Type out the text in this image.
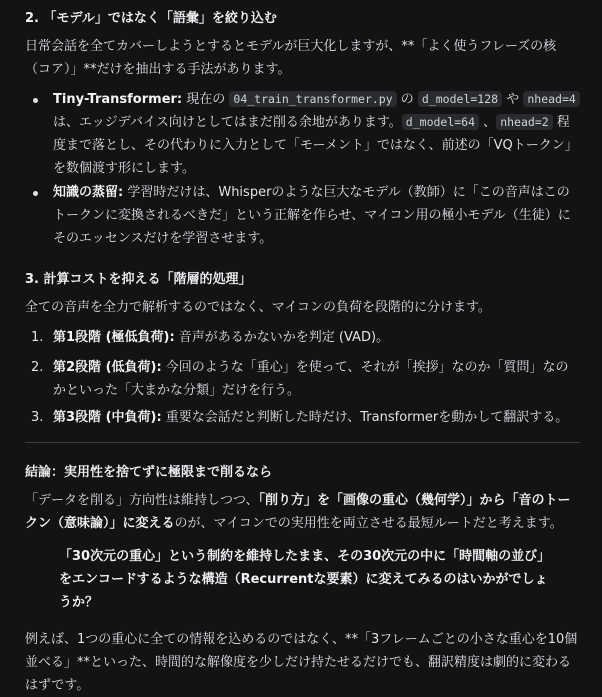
2. 「モデル」ではなく「語彙」を絞り込む

日常会話を全てカバーしようとするとモデルが巨大化しますが、**「よく使うフレーズの核（コア）」**だけを抽出する手法があります。

Tiny-Transformer: 現在の 04_train_transformer.py の d_model=128 や nhead=4 は、エッジデバイス向けとしてはまだ削る余地があります。 d_model=64 、 nhead=2 程度まで落とし、その代わりに入力として「モーメント」ではなく、前述の「VQトークン」を数個渡す形にします。
知識の蒸留: 学習時だけは、Whisperのような巨大なモデル（教師）に「この音声はこのトークンに変換されるべきだ」という正解を作らせ、マイコン用の極小モデル（生徒）にそのエッセンスだけを学習させます。

3. 計算コストを抑える「階層的処理」

全ての音声を全力で解析するのではなく、マイコンの負荷を段階的に分けます。

1. 第1段階 (極低負荷): 音声があるかないかを判定 (VAD)。
2. 第2段階 (低負荷): 今回のような「重心」を使って、それが「挨拶」なのか「質問」なのかといった「大まかな分類」だけを行う。
3. 第3段階 (中負荷): 重要な会話だと判断した時だけ、Transformerを動かして翻訳する。

結論：実用性を捨てずに極限まで削るなら

「データを削る」方向性は維持しつつ、「削り方」を「画像の重心（幾何学）」から「音のトークン（意味論）」に変えるのが、マイコンでの実用性を両立させる最短ルートだと考えます。

「30次元の重心」という制約を維持したまま、その30次元の中に「時間軸の並び」をエンコードするような構造（Recurrentな要素）に変えてみるのはいかがでしょうか？

例えば、1つの重心に全ての情報を込めるのではなく、**「3フレームごとの小さな重心を10個並べる」**といった、時間的な解像度を少しだけ持たせるだけでも、翻訳精度は劇的に変わるはずです。
